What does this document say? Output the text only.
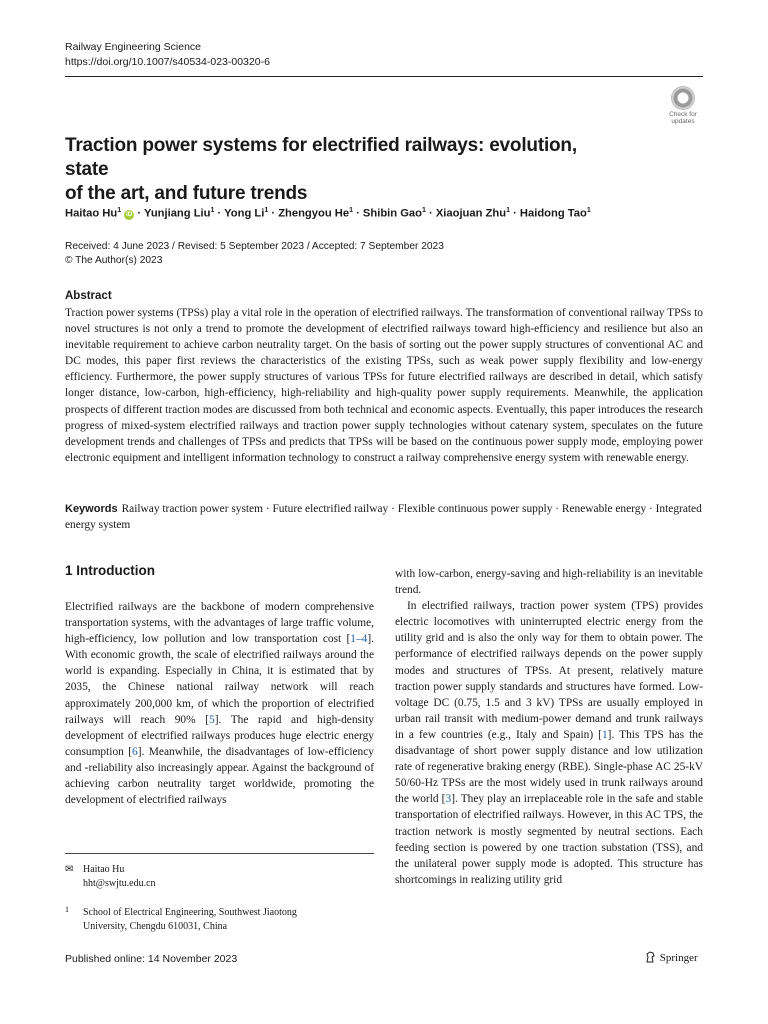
Railway Engineering Science
https://doi.org/10.1007/s40534-023-00320-6
Check for
updates
Traction power systems for electrified railways: evolution, state
of the art, and future trends
Haitao Hu$^1$ iD · Yunjiang Liu$^1$ · Yong $Li^1$ · Zhengyou $He^1$ · Shibin Gao$^1$ · Xiaojuan Zhu$^1$ · Haidong Tao$^1$
Received: 4 June 2023 / Revised: 5 September 2023 / Accepted: 7 September 2023
© The Author(s) 2023
Abstract
Traction power systems (TPSs) play a vital role in the operation of electrified railways. The transformation of conventional railway TPSs to novel structures is not only a trend to promote the development of electrified railways toward high-efficiency and resilience but also an inevitable requirement to achieve carbon neutrality target. On the basis of sorting out the power supply structures of conventional AC and DC modes, this paper first reviews the characteristics of the existing TPSs, such as weak power supply flexibility and low-energy efficiency. Furthermore, the power supply structures of various TPSs for future electrified railways are described in detail, which satisfy longer distance, low-carbon, high-efficiency, high-reliability and high-quality power supply requirements. Meanwhile, the application prospects of different traction modes are discussed from both technical and economic aspects. Eventually, this paper introduces the research progress of mixed-system electrified railways and traction power supply technologies without catenary system, speculates on the future development trends and challenges of TPSs and predicts that TPSs will be based on the continuous power supply mode, employing power electronic equipment and intelligent information technology to construct a railway comprehensive energy system with renewable energy.
Keywords Railway traction power system · Future electrified railway · Flexible continuous power supply · Renewable energy · Integrated energy system
1 Introduction

Electrified railways are the backbone of modern comprehensive transportation systems, with the advantages of large traffic volume, high-efficiency, low pollution and low transportation cost [1–4]. With economic growth, the scale of electrified railways around the world is expanding. Especially in China, it is estimated that by 2035, the Chinese national railway network will reach approximately 200,000 km, of which the proportion of electrified railways will reach 90% [5]. The rapid and high-density development of electrified railways produces huge electric energy consumption [6]. Meanwhile, the disadvantages of low-efficiency and -reliability also increasingly appear. Against the background of achieving carbon neutrality target worldwide, promoting the development of electrified railways

with low-carbon, energy-saving and high-reliability is an inevitable trend.

In electrified railways, traction power system (TPS) provides electric locomotives with uninterrupted electric energy from the utility grid and is also the only way for them to obtain power. The performance of electrified railways depends on the power supply modes and structures of TPSs. At present, relatively mature traction power supply standards and structures have formed. Low-voltage DC (0.75, 1.5 and 3 kV) TPSs are usually employed in urban rail transit with medium-power demand and trunk railways in a few countries (e.g., Italy and Spain) [1]. This TPS has the disadvantage of short power supply distance and low utilization rate of regenerative braking energy (RBE). Single-phase AC 25-kV 50/60-Hz TPSs are the most widely used in trunk railways around the world [3]. They play an irreplaceable role in the safe and stable transportation of electrified railways. However, in this AC TPS, the traction network is mostly segmented by neutral sections. Each feeding section is powered by one traction substation (TSS), and the unilateral power supply mode is adopted. This structure has shortcomings in realizing utility grid

✉ Haitao Hu
hht@swjtu.edu.cn
1 School of Electrical Engineering, Southwest Jiaotong
University, Chengdu 610031, China
Published online: 14 November 2023	Springer
